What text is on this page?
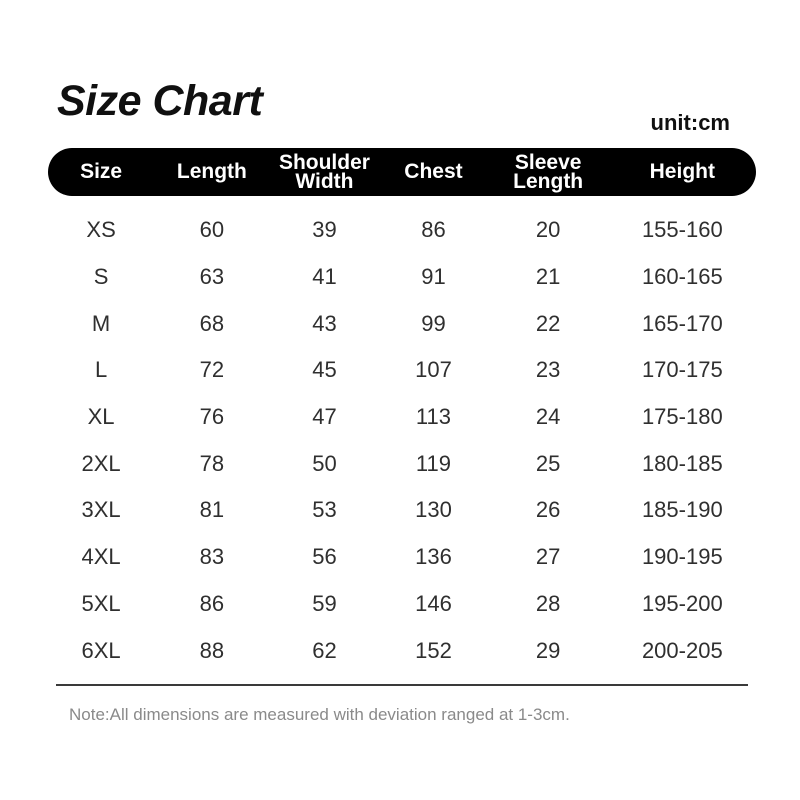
Size Chart	unit:cm
Size	Length	Shoulder Width	Chest	Sleeve Length	Height
XS	60	39	86	20	155-160
S	63	41	91	21	160-165
M	68	43	99	22	165-170
L	72	45	107	23	170-175
XL	76	47	113	24	175-180
2XL	78	50	119	25	180-185
3XL	81	53	130	26	185-190
4XL	83	56	136	27	190-195
5XL	86	59	146	28	195-200
6XL	88	62	152	29	200-205
Note:All dimensions are measured with deviation ranged at 1-3cm.
